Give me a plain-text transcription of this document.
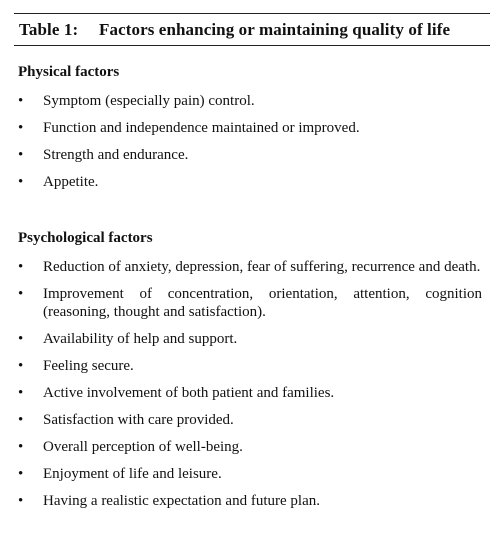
Table 1: Factors enhancing or maintaining quality of life
Physical factors
•	Symptom (especially pain) control.
•	Function and independence maintained or improved.
•	Strength and endurance.
•	Appetite.
Psychological factors
•	Reduction of anxiety, depression, fear of suffering, recurrence and death.
•	Improvement of concentration, orientation, attention, cognition (reasoning, thought and satisfaction).
•	Availability of help and support.
•	Feeling secure.
•	Active involvement of both patient and families.
•	Satisfaction with care provided.
•	Overall perception of well-being.
•	Enjoyment of life and leisure.
•	Having a realistic expectation and future plan.
